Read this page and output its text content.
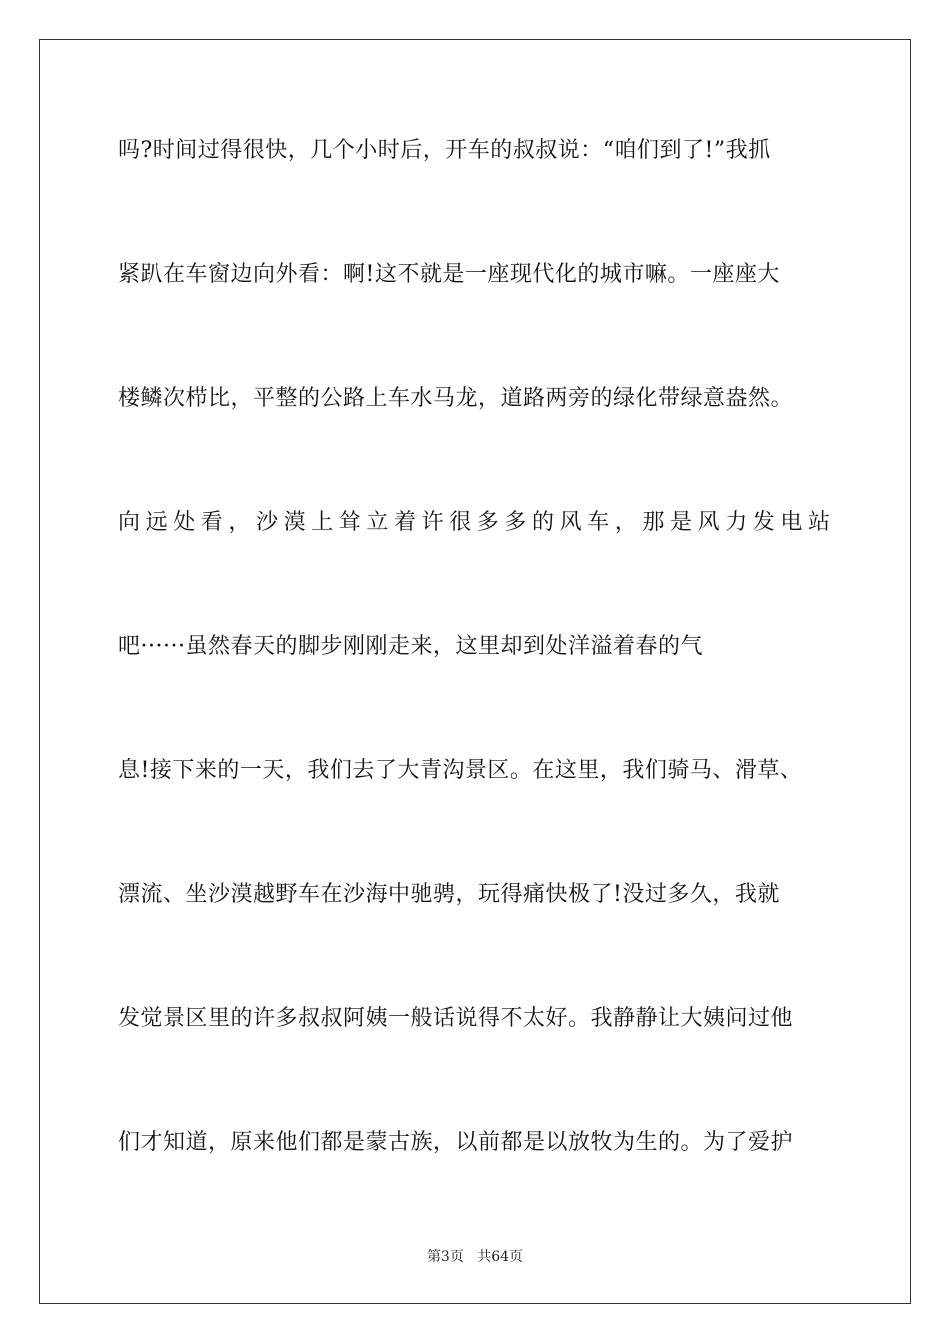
吗?时间过得很快，几个小时后，开车的叔叔说：“咱们到了!”我抓
紧趴在车窗边向外看：啊!这不就是一座现代化的城市嘛。一座座大
楼鳞次栉比，平整的公路上车水马龙，道路两旁的绿化带绿意盎然。
向远处看，沙漠上耸立着许很多多的风车，那是风力发电站
吧······虽然春天的脚步刚刚走来，这里却到处洋溢着春的气
息!接下来的一天，我们去了大青沟景区。在这里，我们骑马、滑草、
漂流、坐沙漠越野车在沙海中驰骋，玩得痛快极了!没过多久，我就
发觉景区里的许多叔叔阿姨一般话说得不太好。我静静让大姨问过他
们才知道，原来他们都是蒙古族，以前都是以放牧为生的。为了爱护
第3页 共64页
